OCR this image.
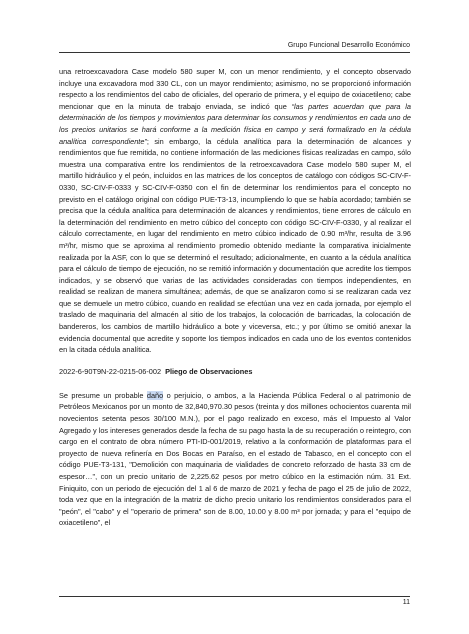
Grupo Funcional Desarrollo Económico

una retroexcavadora Case modelo 580 super M, con un menor rendimiento, y el concepto observado incluye una excavadora mod 330 CL, con un mayor rendimiento; asimismo, no se proporcionó información respecto a los rendimientos del cabo de oficiales, del operario de primera, y el equipo de oxiacetileno; cabe mencionar que en la minuta de trabajo enviada, se indicó que “las partes acuerdan que para la determinación de los tiempos y movimientos para determinar los consumos y rendimientos en cada uno de los precios unitarios se hará conforme a la medición física en campo y será formalizado en la cédula analítica correspondiente”; sin embargo, la cédula analítica para la determinación de alcances y rendimientos que fue remitida, no contiene información de las mediciones físicas realizadas en campo, sólo muestra una comparativa entre los rendimientos de la retroexcavadora Case modelo 580 super M, el martillo hidráulico y el peón, incluidos en las matrices de los conceptos de catálogo con códigos SC-CIV-F-0330, SC-CIV-F-0333 y SC-CIV-F-0350 con el fin de determinar los rendimientos para el concepto no previsto en el catálogo original con código PUE-T3-13, incumpliendo lo que se había acordado; también se precisa que la cédula analítica para determinación de alcances y rendimientos, tiene errores de cálculo en la determinación del rendimiento en metro cúbico del concepto con código SC-CIV-F-0330, y al realizar el cálculo correctamente, en lugar del rendimiento en metro cúbico indicado de 0.90 m³/hr, resulta de 3.96 m³/hr, mismo que se aproxima al rendimiento promedio obtenido mediante la comparativa inicialmente realizada por la ASF, con lo que se determinó el resultado; adicionalmente, en cuanto a la cédula analítica para el cálculo de tiempo de ejecución, no se remitió información y documentación que acredite los tiempos indicados, y se observó que varias de las actividades consideradas con tiempos independientes, en realidad se realizan de manera simultánea; además, de que se analizaron como si se realizaran cada vez que se demuele un metro cúbico, cuando en realidad se efectúan una vez en cada jornada, por ejemplo el traslado de maquinaria del almacén al sitio de los trabajos, la colocación de barricadas, la colocación de bandereros, los cambios de martillo hidráulico a bote y viceversa, etc.; y por último se omitió anexar la evidencia documental que acredite y soporte los tiempos indicados en cada uno de los eventos contenidos en la citada cédula analítica.

2022-6-90T9N-22-0215-06-002 Pliego de Observaciones

Se presume un probable daño o perjuicio, o ambos, a la Hacienda Pública Federal o al patrimonio de Petróleos Mexicanos por un monto de 32,840,970.30 pesos (treinta y dos millones ochocientos cuarenta mil novecientos setenta pesos 30/100 M.N.), por el pago realizado en exceso, más el Impuesto al Valor Agregado y los intereses generados desde la fecha de su pago hasta la de su recuperación o reintegro, con cargo en el contrato de obra número PTI-ID-001/2019, relativo a la conformación de plataformas para el proyecto de nueva refinería en Dos Bocas en Paraíso, en el estado de Tabasco, en el concepto con el código PUE-T3-131, "Demolición con maquinaria de vialidades de concreto reforzado de hasta 33 cm de espesor…", con un precio unitario de 2,225.62 pesos por metro cúbico en la estimación núm. 31 Ext. Finiquito, con un periodo de ejecución del 1 al 6 de marzo de 2021 y fecha de pago el 25 de julio de 2022, toda vez que en la integración de la matriz de dicho precio unitario los rendimientos considerados para el "peón", el "cabo" y el "operario de primera" son de 8.00, 10.00 y 8.00 m³ por jornada; y para el "equipo de oxiacetileno", el

11
